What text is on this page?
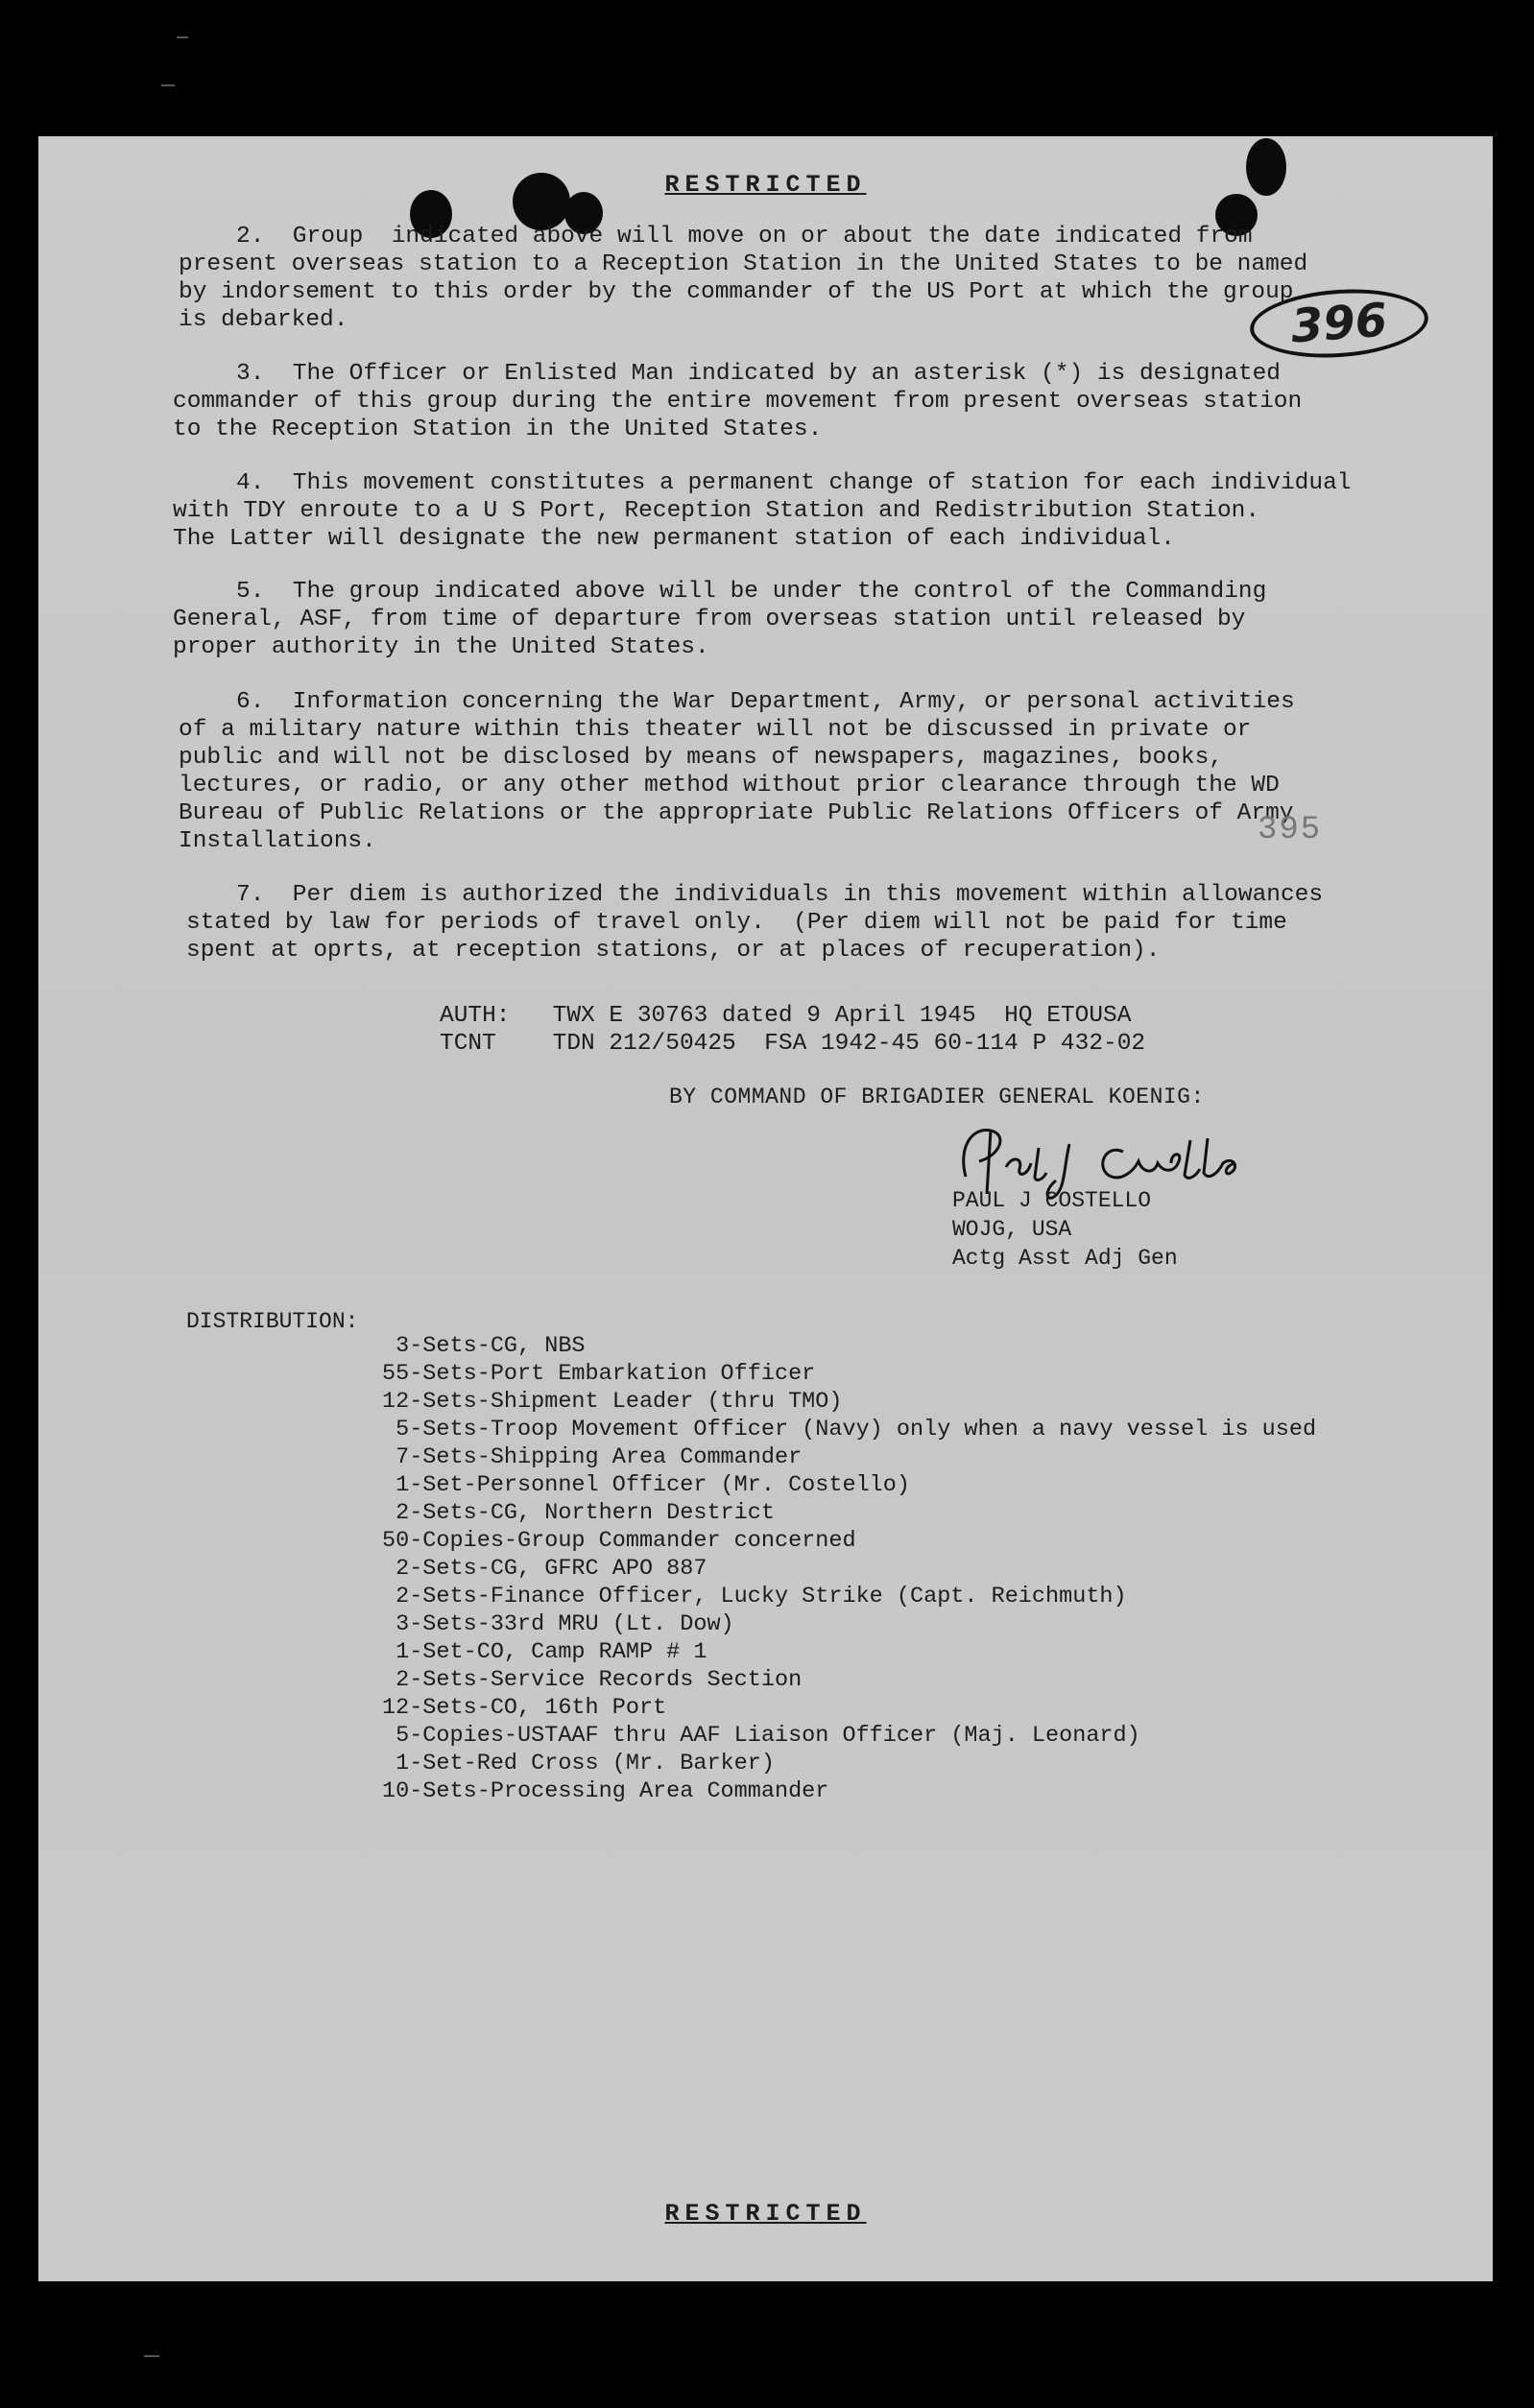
RESTRICTED
396
2.  Group  indicated above will move on or about the date indicated from
present overseas station to a Reception Station in the United States to be named
by indorsement to this order by the commander of the US Port at which the group
is debarked.
3.  The Officer or Enlisted Man indicated by an asterisk (*) is designated
commander of this group during the entire movement from present overseas station
to the Reception Station in the United States.
4.  This movement constitutes a permanent change of station for each individual
with TDY enroute to a U S Port, Reception Station and Redistribution Station.
The Latter will designate the new permanent station of each individual.
5.  The group indicated above will be under the control of the Commanding
General, ASF, from time of departure from overseas station until released by
proper authority in the United States.
6.  Information concerning the War Department, Army, or personal activities
of a military nature within this theater will not be discussed in private or
public and will not be disclosed by means of newspapers, magazines, books,
lectures, or radio, or any other method without prior clearance through the WD
Bureau of Public Relations or the appropriate Public Relations Officers of Army
Installations.	395
7.  Per diem is authorized the individuals in this movement within allowances
stated by law for periods of travel only.  (Per diem will not be paid for time
spent at oprts, at reception stations, or at places of recuperation).
AUTH: TWX E 30763 dated 9 April 1945  HQ ETOUSA
TCNT TDN 212/50425  FSA 1942-45 60-114 P 432-02
BY COMMAND OF BRIGADIER GENERAL KOENIG:
PAUL J COSTELLO
WOJG, USA
Actg Asst Adj Gen
DISTRIBUTION:
3-Sets-CG, NBS
55-Sets-Port Embarkation Officer
12-Sets-Shipment Leader (thru TMO)
5-Sets-Troop Movement Officer (Navy) only when a navy vessel is used
7-Sets-Shipping Area Commander
1-Set-Personnel Officer (Mr. Costello)
2-Sets-CG, Northern Destrict
50-Copies-Group Commander concerned
2-Sets-CG, GFRC APO 887
2-Sets-Finance Officer, Lucky Strike (Capt. Reichmuth)
3-Sets-33rd MRU (Lt. Dow)
1-Set-CO, Camp RAMP # 1
2-Sets-Service Records Section
12-Sets-CO, 16th Port
5-Copies-USTAAF thru AAF Liaison Officer (Maj. Leonard)
1-Set-Red Cross (Mr. Barker)
10-Sets-Processing Area Commander
RESTRICTED
